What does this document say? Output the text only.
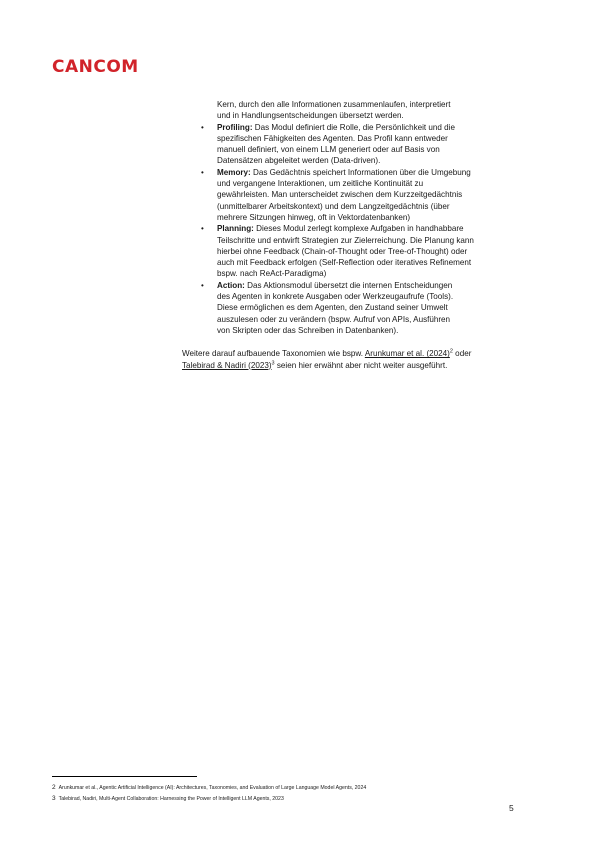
CANCOM
Kern, durch den alle Informationen zusammenlaufen, interpretiert
und in Handlungsentscheidungen übersetzt werden.
• Profiling: Das Modul definiert die Rolle, die Persönlichkeit und die
spezifischen Fähigkeiten des Agenten. Das Profil kann entweder
manuell definiert, von einem LLM generiert oder auf Basis von
Datensätzen abgeleitet werden (Data-driven).
• Memory: Das Gedächtnis speichert Informationen über die Umgebung
und vergangene Interaktionen, um zeitliche Kontinuität zu
gewährleisten. Man unterscheidet zwischen dem Kurzzeitgedächtnis
(unmittelbarer Arbeitskontext) und dem Langzeitgedächtnis (über
mehrere Sitzungen hinweg, oft in Vektordatenbanken)
• Planning: Dieses Modul zerlegt komplexe Aufgaben in handhabbare
Teilschritte und entwirft Strategien zur Zielerreichung. Die Planung kann
hierbei ohne Feedback (Chain-of-Thought oder Tree-of-Thought) oder
auch mit Feedback erfolgen (Self-Reflection oder iteratives Refinement
bspw. nach ReAct-Paradigma)
• Action: Das Aktionsmodul übersetzt die internen Entscheidungen
des Agenten in konkrete Ausgaben oder Werkzeugaufrufe (Tools).
Diese ermöglichen es dem Agenten, den Zustand seiner Umwelt
auszulesen oder zu verändern (bspw. Aufruf von APIs, Ausführen
von Skripten oder das Schreiben in Datenbanken).
Weitere darauf aufbauende Taxonomien wie bspw. Arunkumar et al. $(2024)^2$ oder
Talebirad & Nadiri $(2023)^3$ seien hier erwähnt aber nicht weiter ausgeführt.
2 Arunkumar et al., Agentic Artificial Intelligence (AI): Architectures, Taxonomies, and Evaluation of Large Language Model Agents, 2024
3 Talebirad, Nadiri, Multi-Agent Collaboration: Harnessing the Power of Intelligent LLM Agents, 2023
5
